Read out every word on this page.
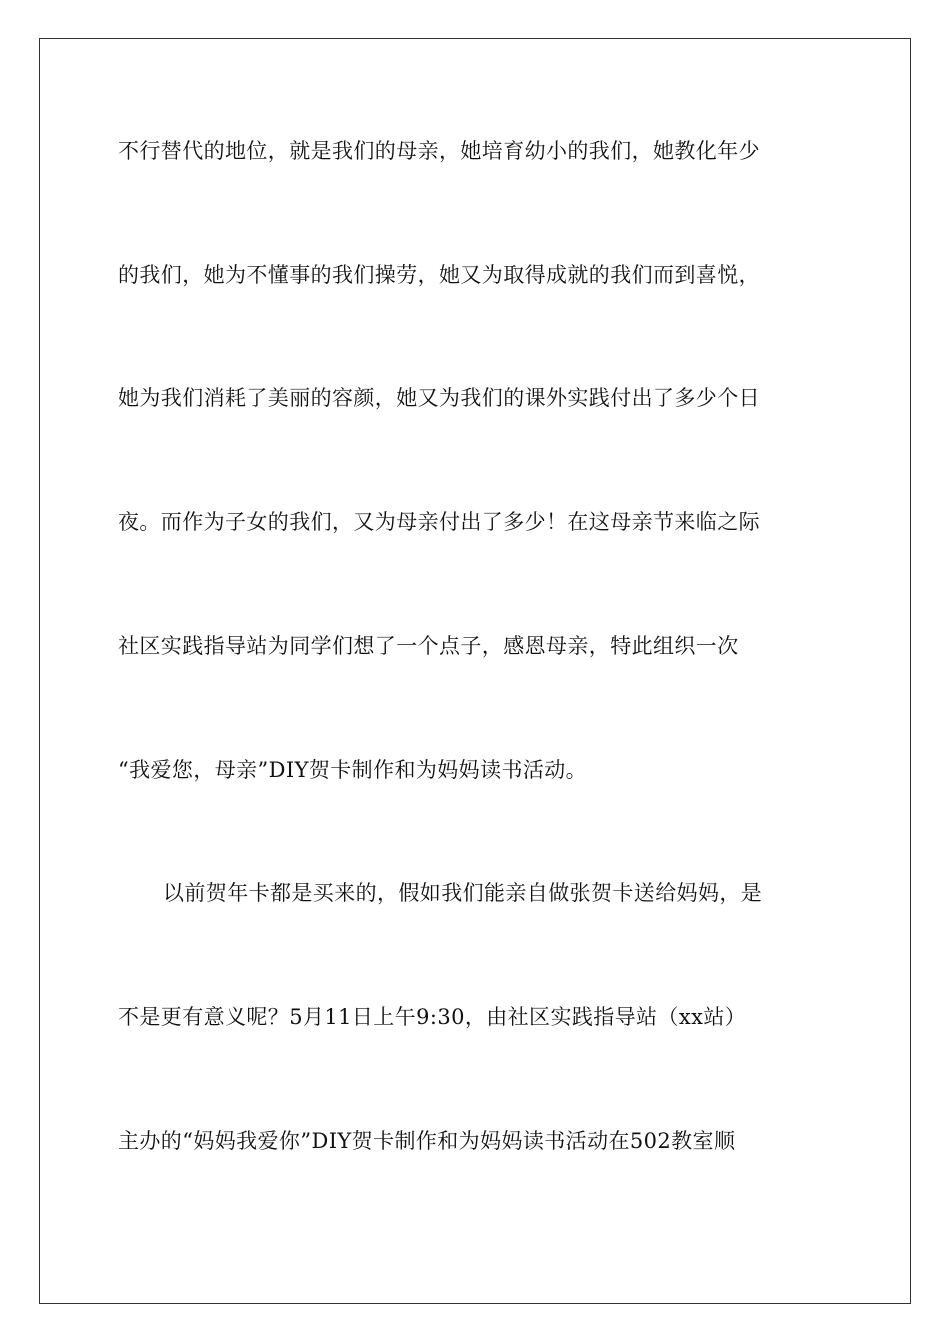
不行替代的地位，就是我们的母亲，她培育幼小的我们，她教化年少
的我们，她为不懂事的我们操劳，她又为取得成就的我们而到喜悦，
她为我们消耗了美丽的容颜，她又为我们的课外实践付出了多少个日
夜。而作为子女的我们，又为母亲付出了多少！在这母亲节来临之际
社区实践指导站为同学们想了一个点子，感恩母亲，特此组织一次
“我爱您，母亲”DIY贺卡制作和为妈妈读书活动。
以前贺年卡都是买来的，假如我们能亲自做张贺卡送给妈妈，是
不是更有意义呢？5月11日上午9:30，由社区实践指导站（xx站）
主办的“妈妈我爱你”DIY贺卡制作和为妈妈读书活动在502教室顺
